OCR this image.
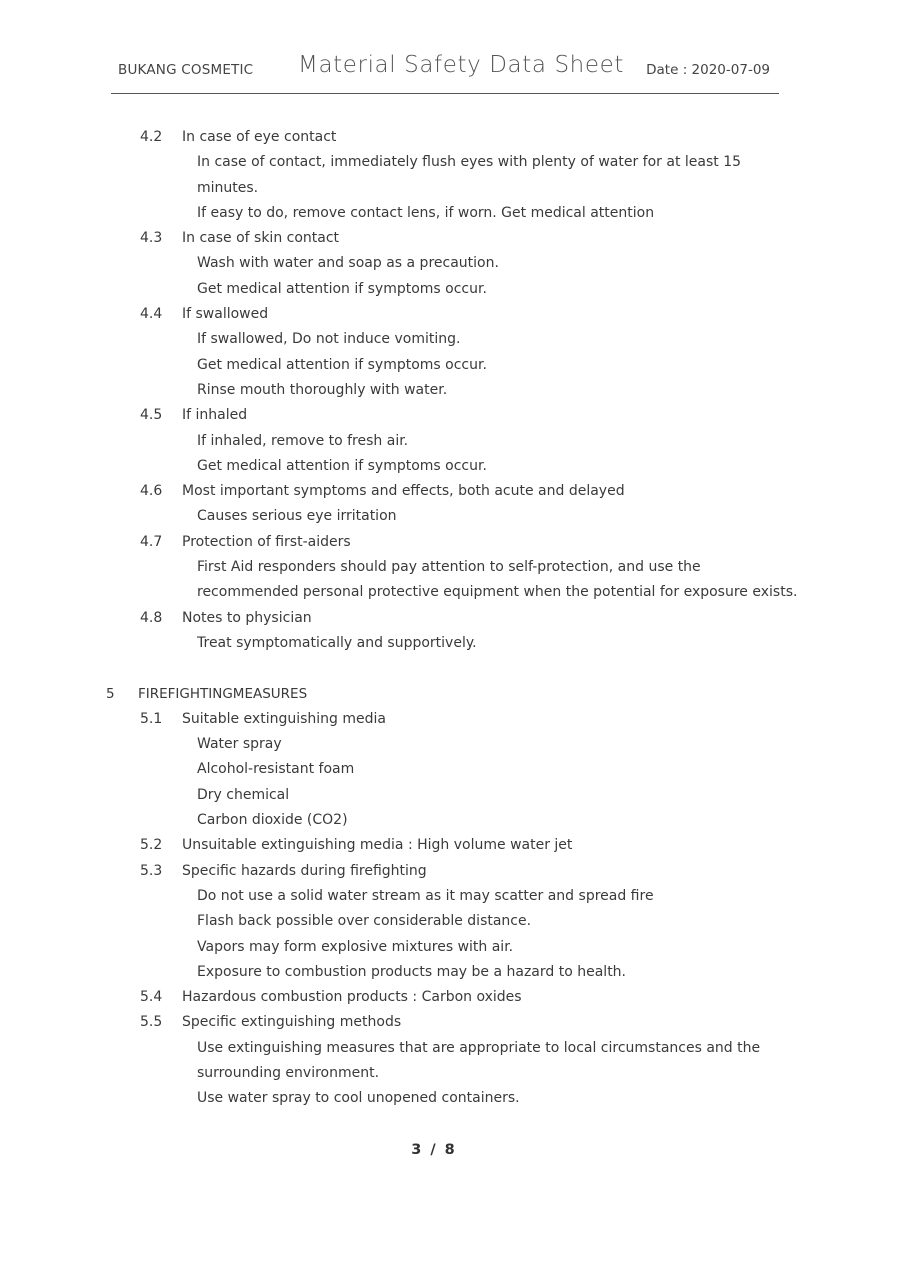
BUKANG COSMETIC Material Safety Data Sheet Date : 2020-07-09
4.2 In case of eye contact
In case of contact, immediately flush eyes with plenty of water for at least 15
minutes.
If easy to do, remove contact lens, if worn. Get medical attention
4.3 In case of skin contact
Wash with water and soap as a precaution.
Get medical attention if symptoms occur.
4.4 If swallowed
If swallowed, Do not induce vomiting.
Get medical attention if symptoms occur.
Rinse mouth thoroughly with water.
4.5 If inhaled
If inhaled, remove to fresh air.
Get medical attention if symptoms occur.
4.6 Most important symptoms and effects, both acute and delayed
Causes serious eye irritation
4.7 Protection of first-aiders
First Aid responders should pay attention to self-protection, and use the
recommended personal protective equipment when the potential for exposure exists.
4.8 Notes to physician
Treat symptomatically and supportively.
5 FIREFIGHTINGMEASURES
5.1 Suitable extinguishing media
Water spray
Alcohol-resistant foam
Dry chemical
Carbon dioxide (CO2)
5.2 Unsuitable extinguishing media : High volume water jet
5.3 Specific hazards during firefighting
Do not use a solid water stream as it may scatter and spread fire
Flash back possible over considerable distance.
Vapors may form explosive mixtures with air.
Exposure to combustion products may be a hazard to health.
5.4 Hazardous combustion products : Carbon oxides
5.5 Specific extinguishing methods
Use extinguishing measures that are appropriate to local circumstances and the
surrounding environment.
Use water spray to cool unopened containers.
3 / 8
